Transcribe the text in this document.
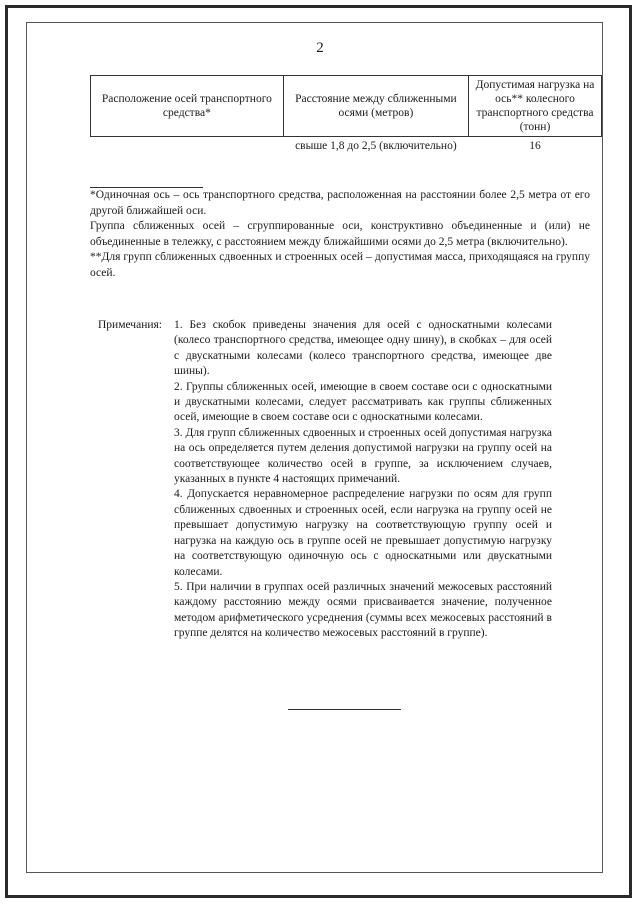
2
Расположение осей транспортного средства*	Расстояние между сближенными осями (метров)	Допустимая нагрузка на ось** колесного транспортного средства (тонн)
	свыше 1,8 до 2,5 (включительно)	16

*Одиночная ось – ось транспортного средства, расположенная на расстоянии более 2,5 метра от его другой ближайшей оси.

Группа сближенных осей – сгруппированные оси, конструктивно объединенные и (или) не объединенные в тележку, с расстоянием между ближайшими осями до 2,5 метра (включительно).

**Для групп сближенных сдвоенных и строенных осей – допустимая масса, приходящаяся на группу осей.

Примечания: 1. Без скобок приведены значения для осей с односкатными колесами (колесо транспортного средства, имеющее одну шину), в скобках – для осей с двускатными колесами (колесо транспортного средства, имеющее две шины).

2. Группы сближенных осей, имеющие в своем составе оси с односкатными и двускатными колесами, следует рассматривать как группы сближенных осей, имеющие в своем составе оси с односкатными колесами.

3. Для групп сближенных сдвоенных и строенных осей допустимая нагрузка на ось определяется путем деления допустимой нагрузки на группу осей на соответствующее количество осей в группе, за исключением случаев, указанных в пункте 4 настоящих примечаний.

4. Допускается неравномерное распределение нагрузки по осям для групп сближенных сдвоенных и строенных осей, если нагрузка на группу осей не превышает допустимую нагрузку на соответствующую группу осей и нагрузка на каждую ось в группе осей не превышает допустимую нагрузку на соответствующую одиночную ось с односкатными или двускатными колесами.

5. При наличии в группах осей различных значений межосевых расстояний каждому расстоянию между осями присваивается значение, полученное методом арифметического усреднения (суммы всех межосевых расстояний в группе делятся на количество межосевых расстояний в группе).
